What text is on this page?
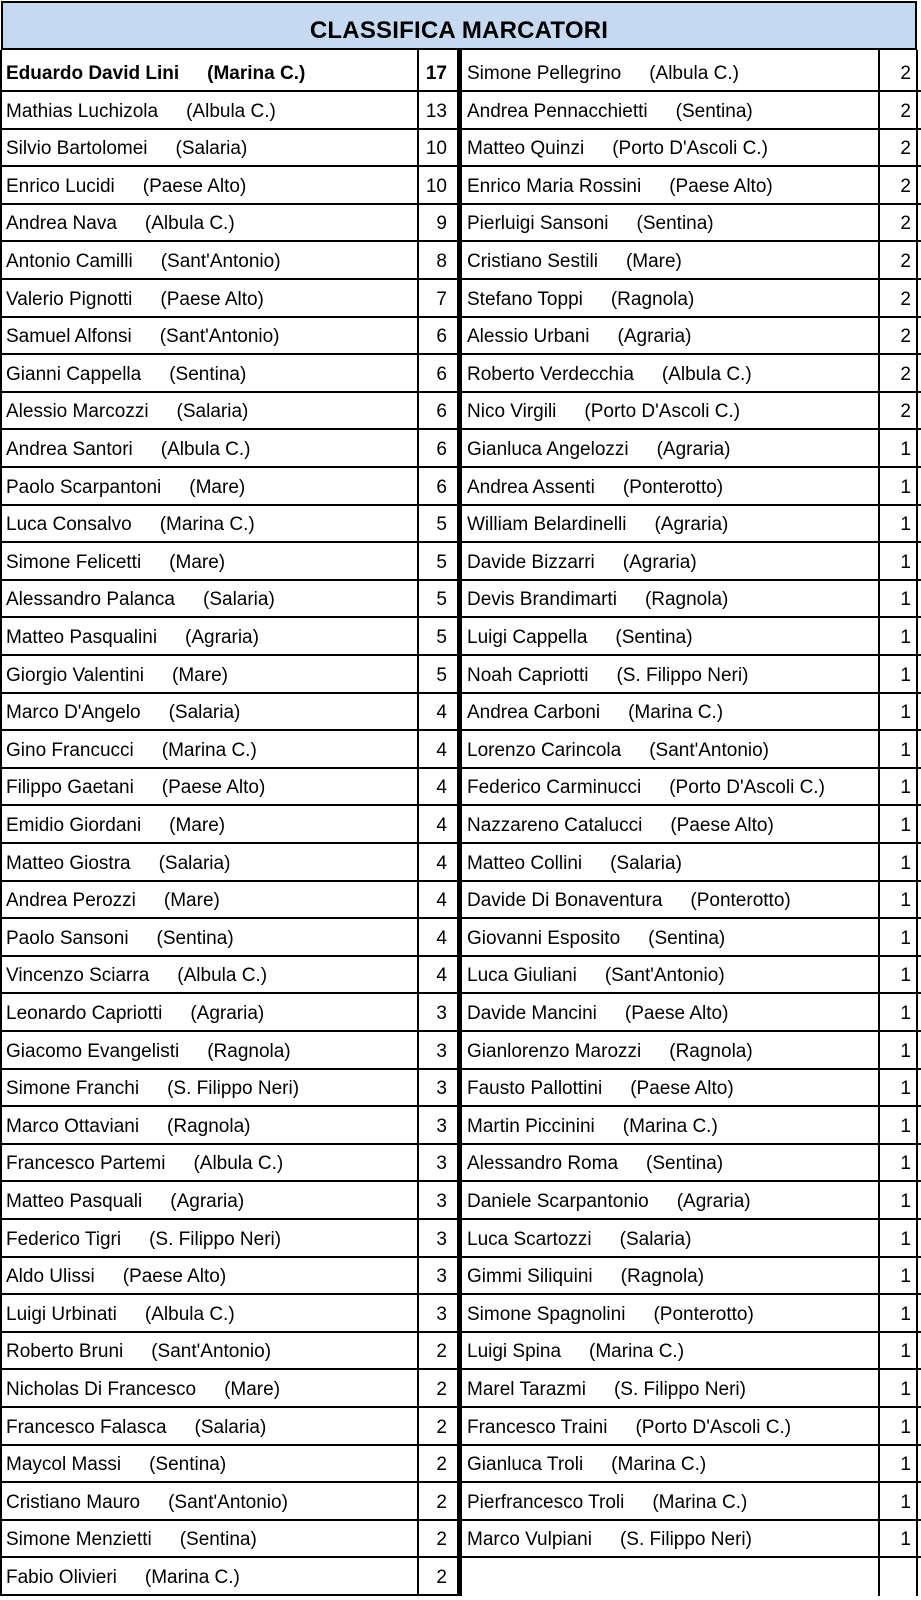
CLASSIFICA MARCATORI
Eduardo David Lini (Marina C.)	17
Mathias Luchizola (Albula C.)	13
Silvio Bartolomei (Salaria)	10
Enrico Lucidi (Paese Alto)	10
Andrea Nava (Albula C.)	9
Antonio Camilli (Sant'Antonio)	8
Valerio Pignotti (Paese Alto)	7
Samuel Alfonsi (Sant'Antonio)	6
Gianni Cappella (Sentina)	6
Alessio Marcozzi (Salaria)	6
Andrea Santori (Albula C.)	6
Paolo Scarpantoni (Mare)	6
Luca Consalvo (Marina C.)	5
Simone Felicetti (Mare)	5
Alessandro Palanca (Salaria)	5
Matteo Pasqualini (Agraria)	5
Giorgio Valentini (Mare)	5
Marco D'Angelo (Salaria)	4
Gino Francucci (Marina C.)	4
Filippo Gaetani (Paese Alto)	4
Emidio Giordani (Mare)	4
Matteo Giostra (Salaria)	4
Andrea Perozzi (Mare)	4
Paolo Sansoni (Sentina)	4
Vincenzo Sciarra (Albula C.)	4
Leonardo Capriotti (Agraria)	3
Giacomo Evangelisti (Ragnola)	3
Simone Franchi (S. Filippo Neri)	3
Marco Ottaviani (Ragnola)	3
Francesco Partemi (Albula C.)	3
Matteo Pasquali (Agraria)	3
Federico Tigri (S. Filippo Neri)	3
Aldo Ulissi (Paese Alto)	3
Luigi Urbinati (Albula C.)	3
Roberto Bruni (Sant'Antonio)	2
Nicholas Di Francesco (Mare)	2
Francesco Falasca (Salaria)	2
Maycol Massi (Sentina)	2
Cristiano Mauro (Sant'Antonio)	2
Simone Menzietti (Sentina)	2
Fabio Olivieri (Marina C.)	2
Simone Pellegrino (Albula C.)	2
Andrea Pennacchietti (Sentina)	2
Matteo Quinzi (Porto D'Ascoli C.)	2
Enrico Maria Rossini (Paese Alto)	2
Pierluigi Sansoni (Sentina)	2
Cristiano Sestili (Mare)	2
Stefano Toppi (Ragnola)	2
Alessio Urbani (Agraria)	2
Roberto Verdecchia (Albula C.)	2
Nico Virgili (Porto D'Ascoli C.)	2
Gianluca Angelozzi (Agraria)	1
Andrea Assenti (Ponterotto)	1
William Belardinelli (Agraria)	1
Davide Bizzarri (Agraria)	1
Devis Brandimarti (Ragnola)	1
Luigi Cappella (Sentina)	1
Noah Capriotti (S. Filippo Neri)	1
Andrea Carboni (Marina C.)	1
Lorenzo Carincola (Sant'Antonio)	1
Federico Carminucci (Porto D'Ascoli C.)	1
Nazzareno Catalucci (Paese Alto)	1
Matteo Collini (Salaria)	1
Davide Di Bonaventura (Ponterotto)	1
Giovanni Esposito (Sentina)	1
Luca Giuliani (Sant'Antonio)	1
Davide Mancini (Paese Alto)	1
Gianlorenzo Marozzi (Ragnola)	1
Fausto Pallottini (Paese Alto)	1
Martin Piccinini (Marina C.)	1
Alessandro Roma (Sentina)	1
Daniele Scarpantonio (Agraria)	1
Luca Scartozzi (Salaria)	1
Gimmi Siliquini (Ragnola)	1
Simone Spagnolini (Ponterotto)	1
Luigi Spina (Marina C.)	1
Marel Tarazmi (S. Filippo Neri)	1
Francesco Traini (Porto D'Ascoli C.)	1
Gianluca Troli (Marina C.)	1
Pierfrancesco Troli (Marina C.)	1
Marco Vulpiani (S. Filippo Neri)	1
